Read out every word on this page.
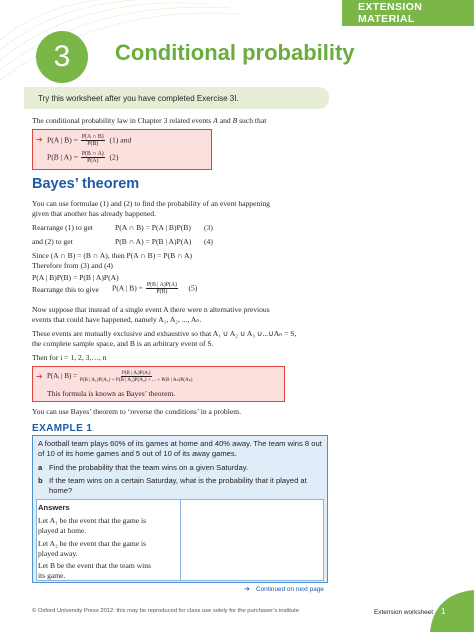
EXTENSION MATERIAL
3	Conditional probability
Try this worksheet after you have completed Exercise 3I.
The conditional probability law in Chapter 3 related events A and B such that
➔ P(A | $B) = \frac{P(A \cap B)}{P(B)} (1)$ and
P(B | $A) = \frac{P(B \cap A)}{P(A)} (2)$
Bayes’ theorem
You can use formulae (1) and (2) to find the probability of an event happening
given that another has already happened.
Rearrange (1) to get	P(A ∩ B) = P(A | B)P(B) (3)
and (2) to get	P(B ∩ A) = P(B | A)P(A) (4)
Since (A ∩ B) = (B ∩ A), then P(A ∩ B) = P(B ∩ A)
Therefore from (3) and (4)
P(A | B)P(B) = P(B | A)P(A)
Rearrange this to give P(A | $B) = \frac{P(B | A)P(A)}{P(B)} (5)$
Now suppose that instead of a single event A there were n alternative previous
events that could have happened, namely A₁, A₂, ..., Aₙ.
These events are mutually exclusive and exhaustive so that A₁ ∪ A₂ ∪ A₃ ∪...∪Aₙ = S,
the complete sample space, and B is an arbitrary event of S.
Then for i = 1, 2, 3,…, n
➔ P(Aᵢ | $B) = \frac{\text{P(B | Aᵢ)P(Aᵢ)}}{\text{P(B | A₁)P(A₁) + P(B | A₂)P(A₂) + ... + P(B | Aₙ)P(Aₙ)}}$
This formula is known as Bayes’ theorem.
You can use Bayes’ theorem to ‘reverse the conditions’ in a problem.
EXAMPLE 1
A football team plays 60% of its games at home and 40% away. The team wins 8 out
of 10 of its home games and 5 out of 10 of its away games.
a Find the probability that the team wins on a given Saturday.
b If the team wins on a certain Saturday, what is the probability that it played at
home?
Answers
Let A₁ be the event that the game is
played at home.
Let A₂ be the event that the game is
played away.
Let B be the event that the team wins
its game.
➔ Continued on next page
© Oxford University Press 2012: this may be reproduced for class use solely for the purchaser’s institute	Extension worksheet 1
